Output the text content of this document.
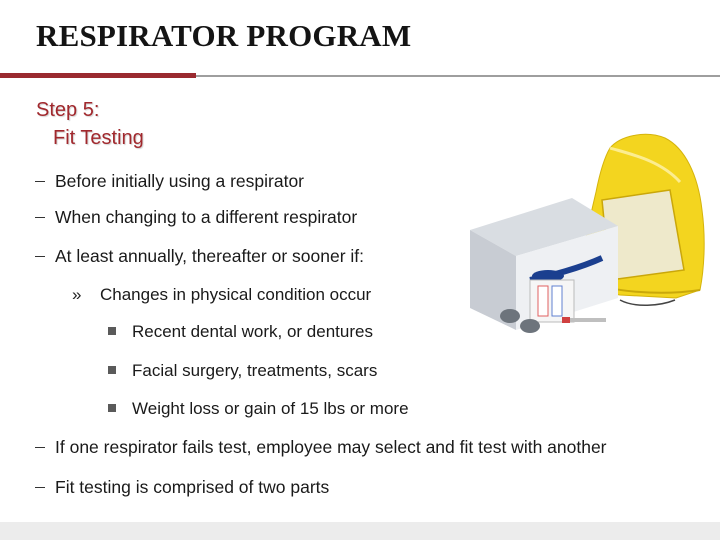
RESPIRATOR PROGRAM
Step 5:
Fit Testing
Before initially using a respirator
When changing to a different respirator
At least annually, thereafter or sooner if:
» Changes in physical condition occur
Recent dental work, or dentures
Facial surgery, treatments, scars
Weight loss or gain of 15 lbs or more
If one respirator fails test, employee may select and fit test with another
Fit testing is comprised of two parts
